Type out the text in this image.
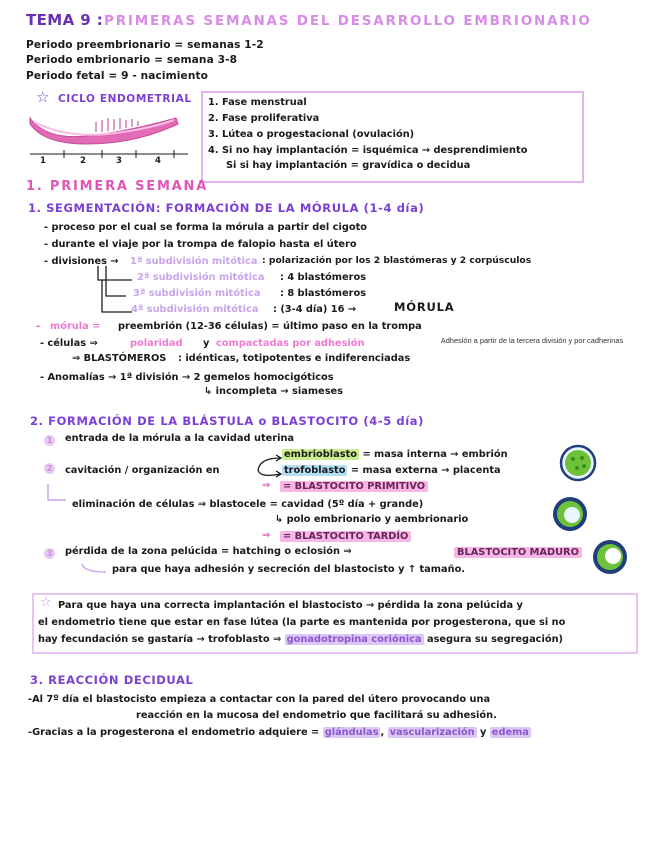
TEMA 9 : PRIMERAS SEMANAS DEL DESARROLLO EMBRIONARIO
Periodo preembrionario = semanas 1-2
Periodo embrionario = semana 3-8
Periodo fetal = 9 - nacimiento
☆ CICLO ENDOMETRIAL
1	2	3	4
1. Fase menstrual
2. Fase proliferativa
3. Lútea o progestacional (ovulación)
4. Si no hay implantación = isquémica → desprendimiento
Si si hay implantación = gravídica o decidua
1. PRIMERA SEMANA
1. SEGMENTACIÓN: FORMACIÓN DE LA MÓRULA (1-4 día)
- proceso por el cual se forma la mórula a partir del cigoto
- durante el viaje por la trompa de falopio hasta el útero
- divisiones → 1ª subdivisión mitótica : polarización por los 2 blastómeras y 2 corpúsculos
2ª subdivisión mitótica : 4 blastómeros
3ª subdivisión mitótica : 8 blastómeros
4ª subdivisión mitótica : (3-4 día) 16 →	MÓRULA
- mórula = preembrión (12-36 células) = último paso en la trompa
- células ⇒	polaridad y compactadas por adhesión	Adhesión a partir de la tercera división y por cadherinas
⇒ BLASTÓMEROS : idénticas, totipotentes e indiferenciadas
- Anomalías → 1ª división → 2 gemelos homocigóticos
↳ incompleta → siameses
2. FORMACIÓN DE LA BLÁSTULA o BLASTOCITO (4-5 día)
1 entrada de la mórula a la cavidad uterina
embrioblasto = masa interna → embrión
2 cavitación / organización en	trofoblasto = masa externa → placenta
⇒	= BLASTOCITO PRIMITIVO
eliminación de células ⇒ blastocele = cavidad (5º día + grande)
↳ polo embrionario y aembrionario
⇒	= BLASTOCITO TARDÍO
3 pérdida de la zona pelúcida = hatching o eclosión ⇒	BLASTOCITO MADURO
para que haya adhesión y secreción del blastocisto y ↑ tamaño.
☆ Para que haya una correcta implantación el blastocisto → pérdida la zona pelúcida y
el endometrio tiene que estar en fase lútea (la parte es mantenida por progesterona, que si no
hay fecundación se gastaría → trofoblasto ⇒ gonadotropina coriónica asegura su segregación)
3. REACCIÓN DECIDUAL
-Al 7º día el blastocisto empieza a contactar con la pared del útero provocando una
reacción en la mucosa del endometrio que facilitará su adhesión.
-Gracias a la progesterona el endometrio adquiere = glándulas , vascularización y edema
